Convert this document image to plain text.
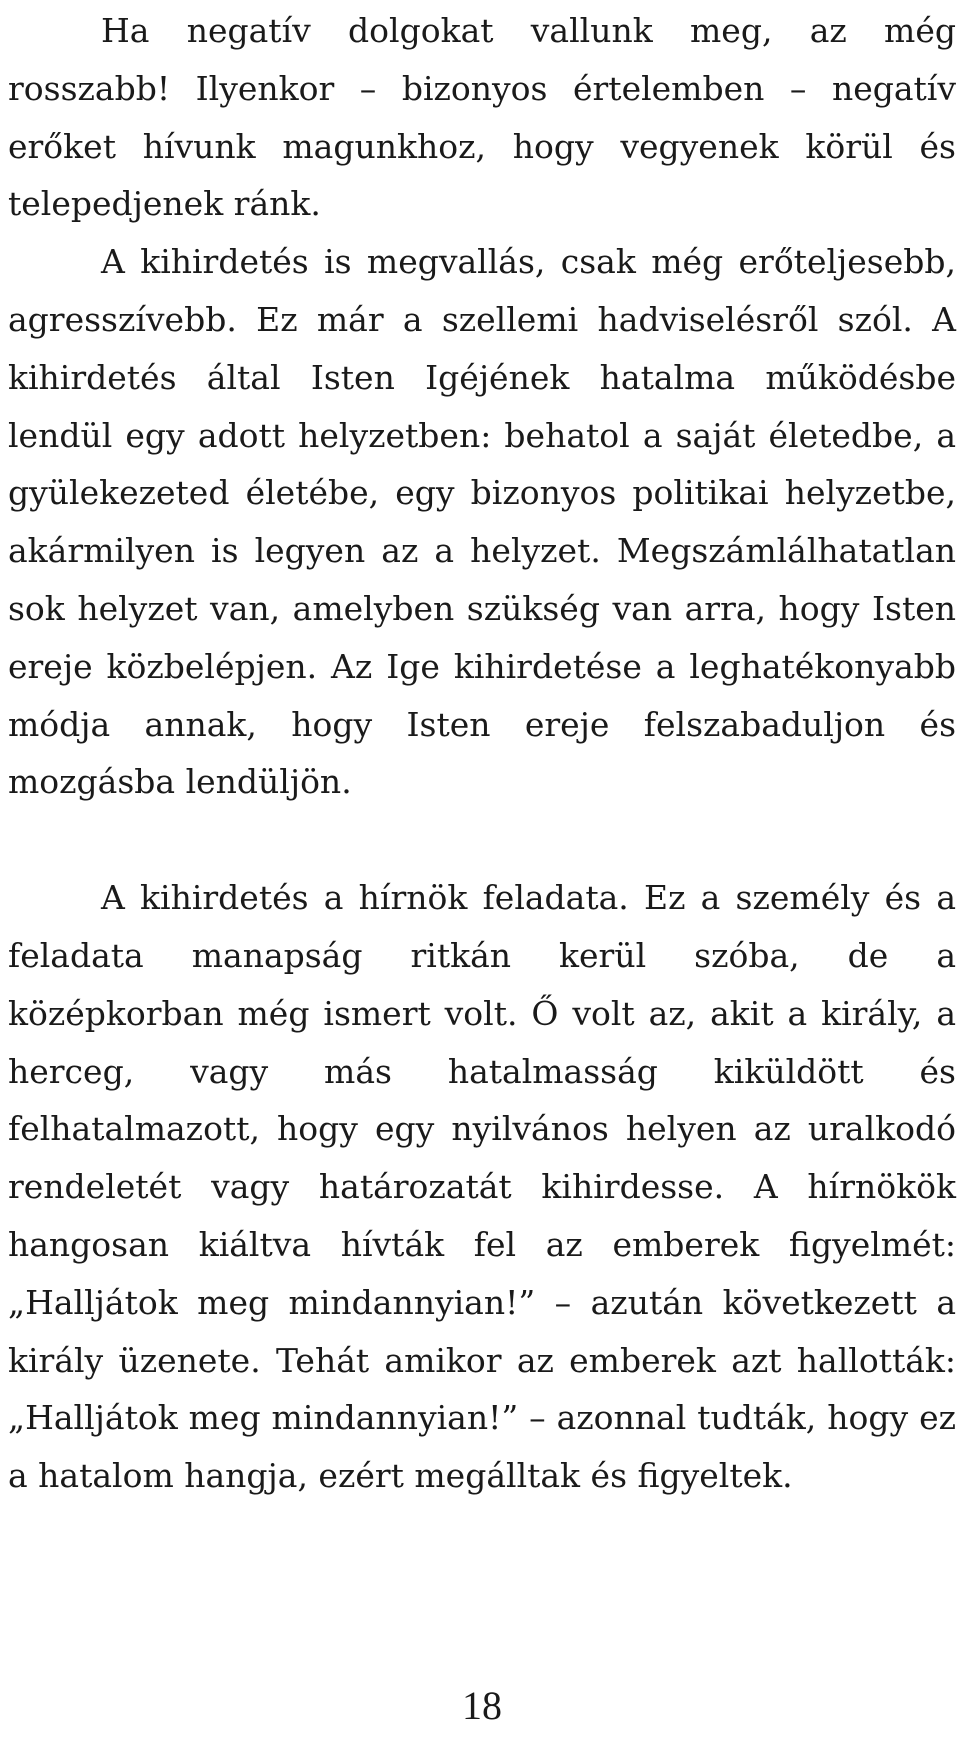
Ha negatív dolgokat vallunk meg, az még rosszabb! Ilyenkor – bizonyos értelemben – negatív erőket hívunk magunkhoz, hogy vegyenek körül és telepedjenek ránk.

A kihirdetés is megvallás, csak még erőteljesebb, agresszívebb. Ez már a szellemi hadviselésről szól. A kihirdetés által Isten Igéjének hatalma működésbe lendül egy adott helyzetben: behatol a saját életedbe, a gyülekezeted életébe, egy bizonyos politikai helyzetbe, akármilyen is legyen az a helyzet. Megszámlálhatatlan sok helyzet van, amelyben szükség van arra, hogy Isten ereje közbelépjen. Az Ige kihirdetése a leghatékonyabb módja annak, hogy Isten ereje felszabaduljon és mozgásba lendüljön.

A kihirdetés a hírnök feladata. Ez a személy és a feladata manapság ritkán kerül szóba, de a középkorban még ismert volt. Ő volt az, akit a király, a herceg, vagy más hatalmasság kiküldött és felhatalmazott, hogy egy nyilvános helyen az uralkodó rendeletét vagy határozatát kihirdesse. A hírnökök hangosan kiáltva hívták fel az emberek figyelmét: „Halljátok meg mindannyian!” – azután következett a király üzenete. Tehát amikor az emberek azt hallották: „Halljátok meg mindannyian!” – azonnal tudták, hogy ez a hatalom hangja, ezért megálltak és figyeltek.

18
